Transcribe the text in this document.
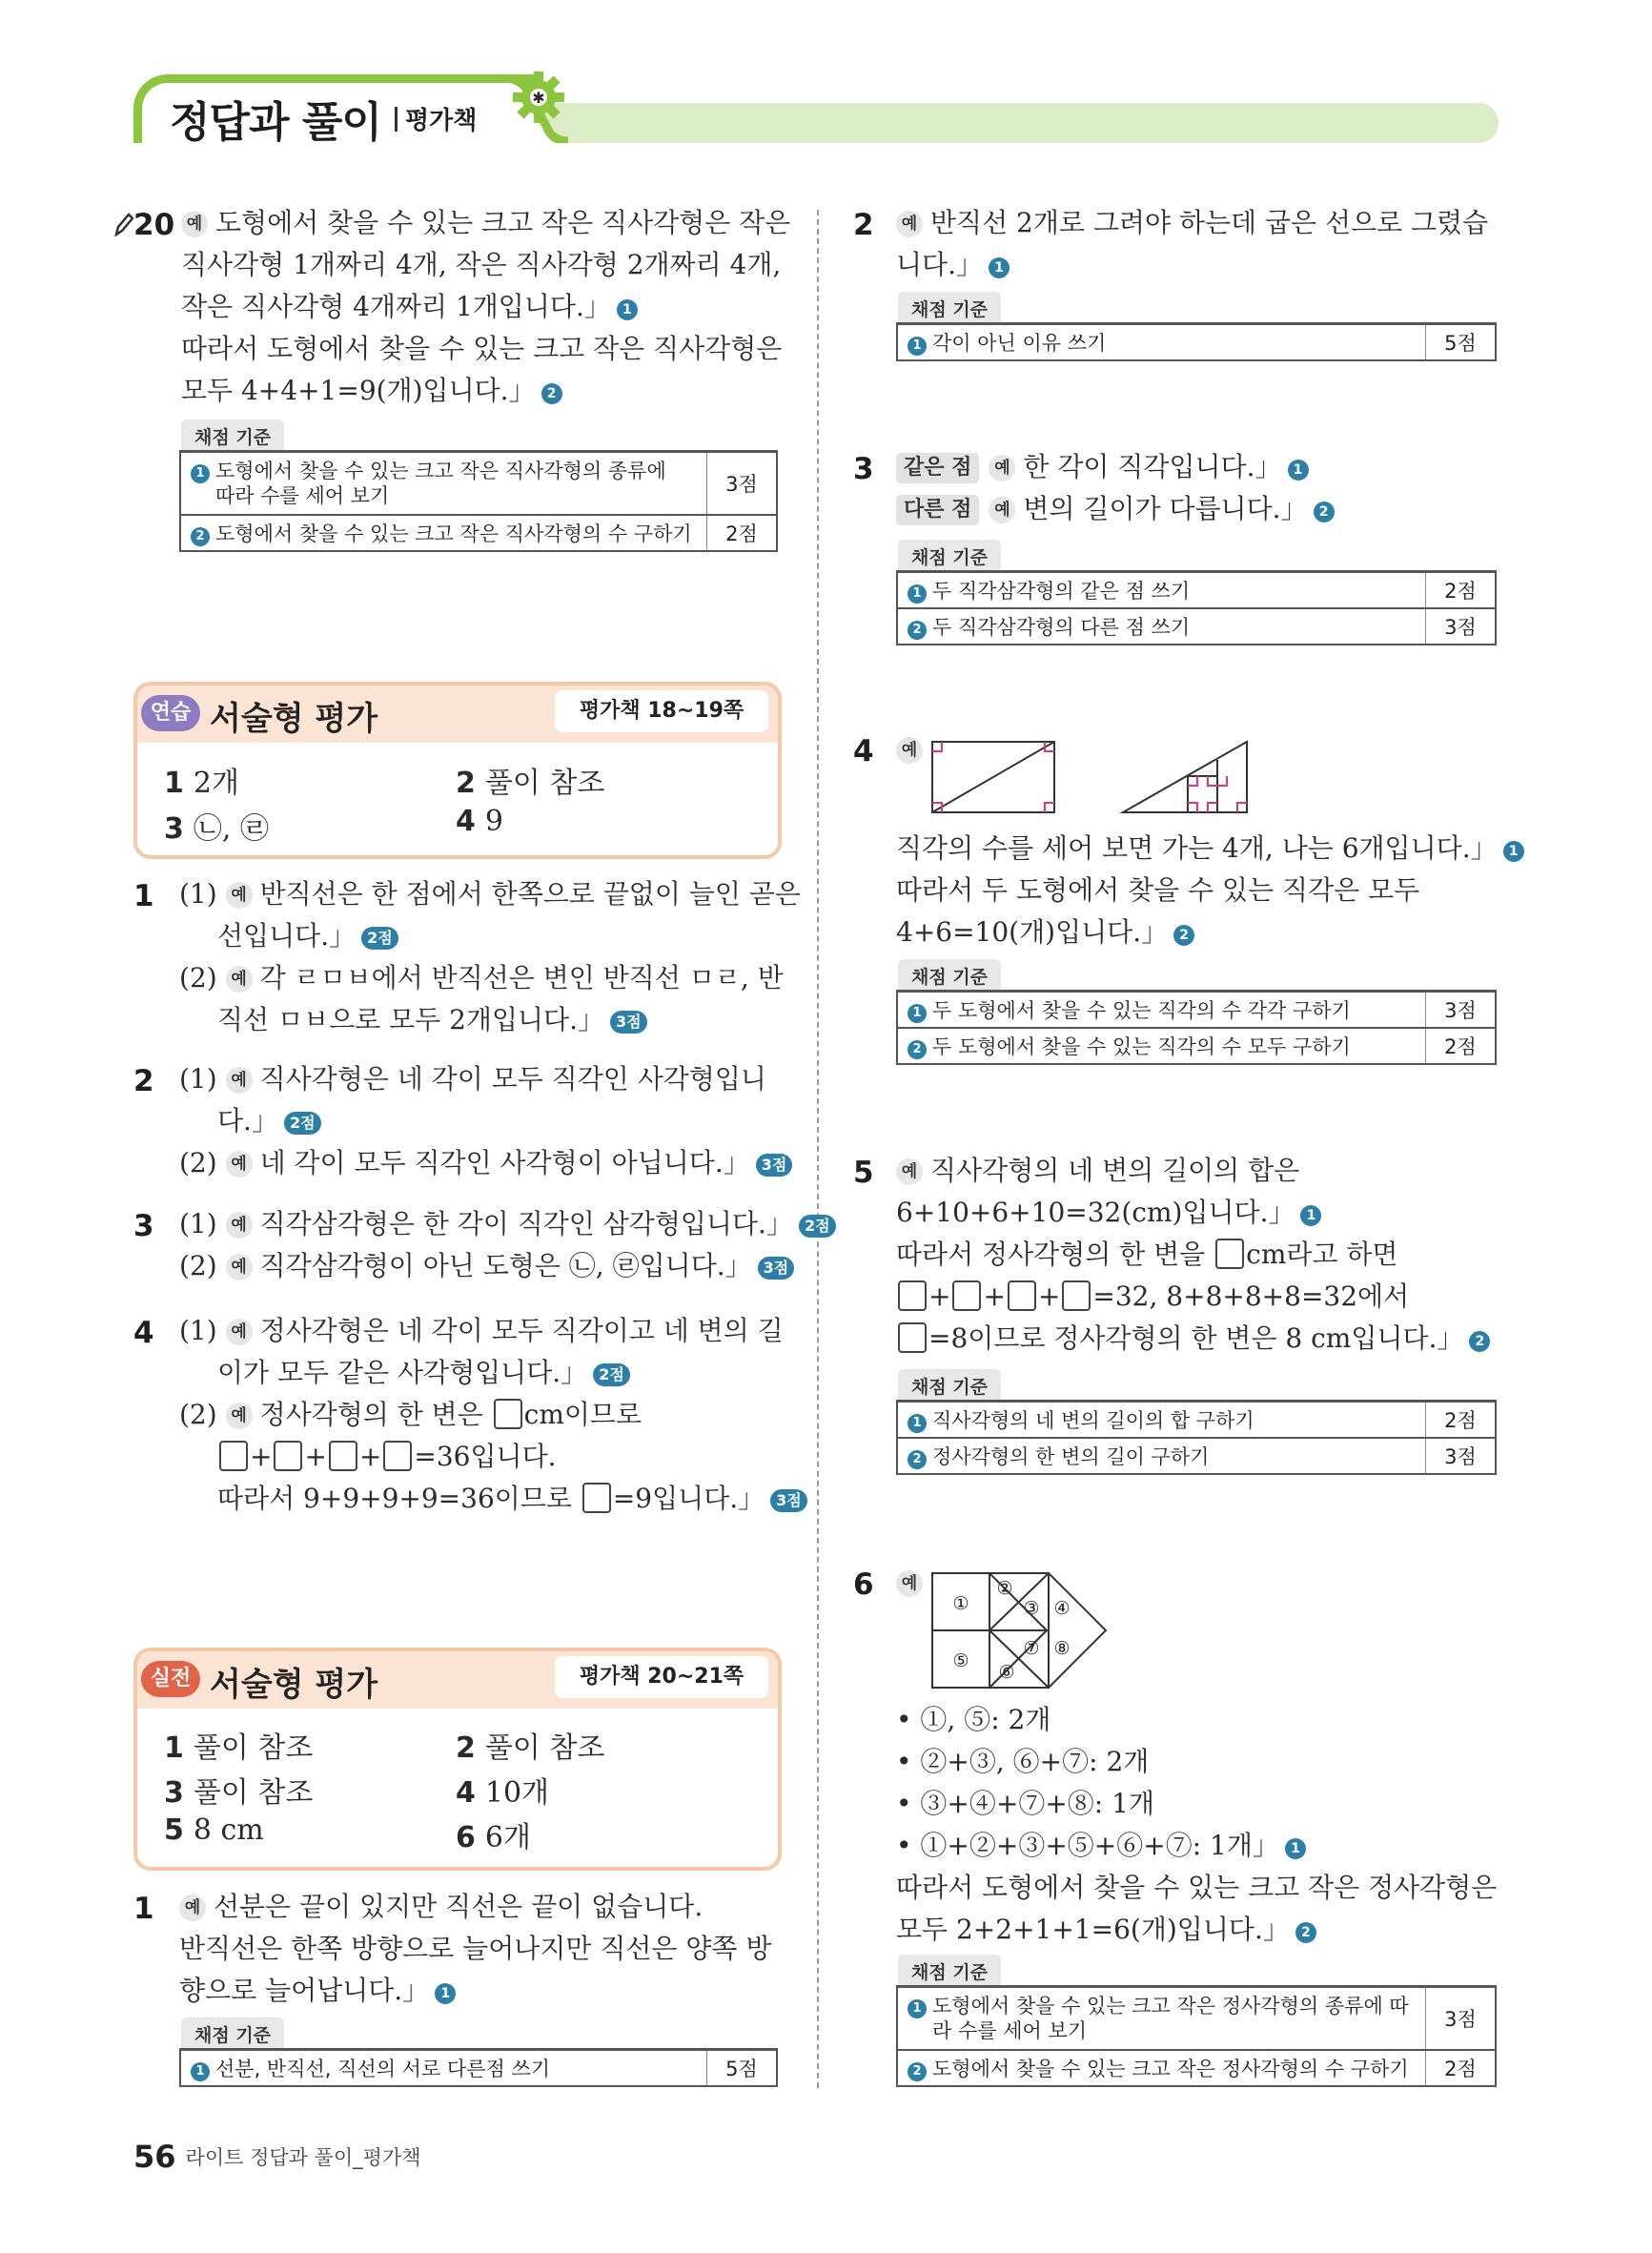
✱
정답과 풀이 평가책
20 예 도형에서 찾을 수 있는 크고 작은 직사각형은 작은
직사각형 1개짜리 4개, 작은 직사각형 2개짜리 4개,
작은 직사각형 4개짜리 1개입니다.」 1
따라서 도형에서 찾을 수 있는 크고 작은 직사각형은
모두 4+4+1=9(개)입니다.」 2
채점 기준
1 도형에서 찾을 수 있는 크고 작은 직사각형의 종류에
따라 수를 세어 보기	3점
2 도형에서 찾을 수 있는 크고 작은 직사각형의 수 구하기	2점
연습 서술형 평가	평가책 18~19쪽
1 2개	2 풀이 참조
3 ㉡, ㉣	4 9
1 (1) 예 반직선은 한 점에서 한쪽으로 끝없이 늘인 곧은
선입니다.」 2점
(2) 예 각 ㄹㅁㅂ에서 반직선은 변인 반직선 ㅁㄹ, 반
직선 ㅁㅂ으로 모두 2개입니다.」 3점
2 (1) 예 직사각형은 네 각이 모두 직각인 사각형입니
다.」 2점
(2) 예 네 각이 모두 직각인 사각형이 아닙니다.」 3점
3 (1) 예 직각삼각형은 한 각이 직각인 삼각형입니다.」 2점
(2) 예 직각삼각형이 아닌 도형은 ㉡, ㉣입니다.」 3점
4 (1) 예 정사각형은 네 각이 모두 직각이고 네 변의 길
이가 모두 같은 사각형입니다.」 2점
(2) 예 정사각형의 한 변은 cm이므로
+ + + =36입니다.
따라서 9+9+9+9=36이므로 =9입니다.」 3점
실전 서술형 평가	평가책 20~21쪽
1 풀이 참조	2 풀이 참조
3 풀이 참조	4 10개
5 8 cm	6 6개
1	예 선분은 끝이 있지만 직선은 끝이 없습니다.
반직선은 한쪽 방향으로 늘어나지만 직선은 양쪽 방
향으로 늘어납니다.」 1
채점 기준
1 선분, 반직선, 직선의 서로 다른점 쓰기	5점
2	예 반직선 2개로 그려야 하는데 굽은 선으로 그렸습
니다.」 1
채점 기준
1 각이 아닌 이유 쓰기	5점
3	같은 점 예 한 각이 직각입니다.」 1
다른 점 예 변의 길이가 다릅니다.」 2
채점 기준
1 두 직각삼각형의 같은 점 쓰기	2점
2 두 직각삼각형의 다른 점 쓰기	3점
4	예
직각의 수를 세어 보면 가는 4개, 나는 6개입니다.」 1
따라서 두 도형에서 찾을 수 있는 직각은 모두
4+6=10(개)입니다.」 2
채점 기준
1 두 도형에서 찾을 수 있는 직각의 수 각각 구하기	3점
2 두 도형에서 찾을 수 있는 직각의 수 모두 구하기	2점
5	예 직사각형의 네 변의 길이의 합은
6+10+6+10=32(cm)입니다.」 1
따라서 정사각형의 한 변을 cm라고 하면
+ + + =32, 8+8+8+8=32에서
=8이므로 정사각형의 한 변은 8 cm입니다.」 2
채점 기준
1 직사각형의 네 변의 길이의 합 구하기	2점
2 정사각형의 한 변의 길이 구하기	3점
6	예
①
②
③ ④
⑤
⑥
⑦ ⑧
• ①, ⑤: 2개
• ②+③, ⑥+⑦: 2개
• ③+④+⑦+⑧: 1개
• ①+②+③+⑤+⑥+⑦: 1개」 1
따라서 도형에서 찾을 수 있는 크고 작은 정사각형은
모두 2+2+1+1=6(개)입니다.」 2
채점 기준
1 도형에서 찾을 수 있는 크고 작은 정사각형의 종류에 따
라 수를 세어 보기	3점
2 도형에서 찾을 수 있는 크고 작은 정사각형의 수 구하기	2점
56 라이트 정답과 풀이_평가책
